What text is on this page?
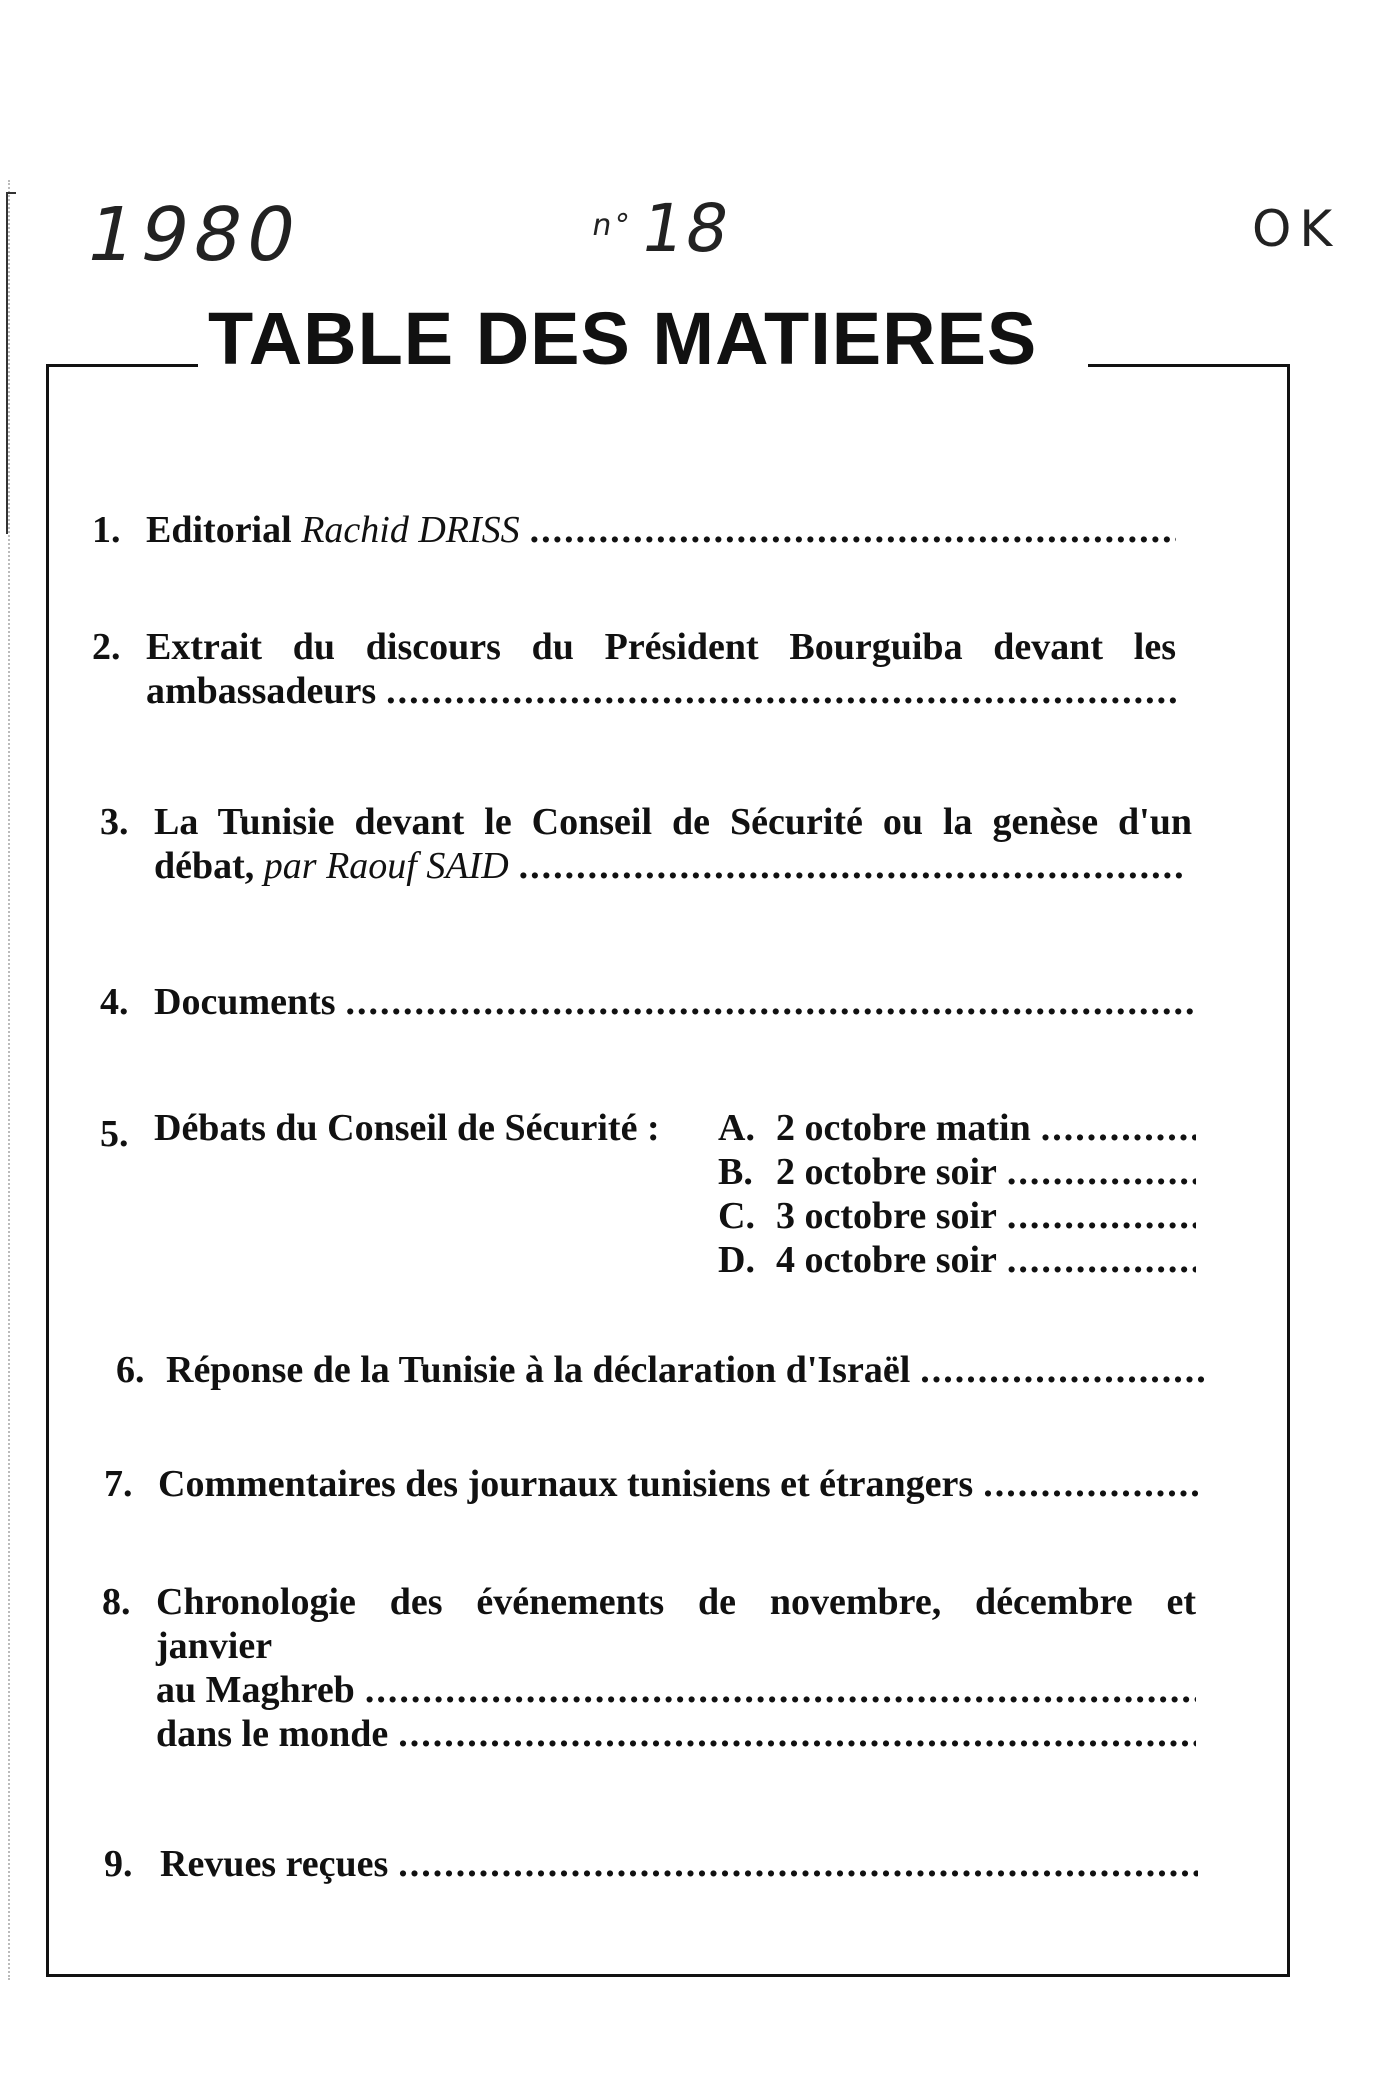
1980	$^{n^\circ}$18	OK
TABLE DES MATIERES
1. Editorial
Rachid DRISS
.....
2. Extrait du discours du Président Bourguiba devant les
ambassadeurs
.....
3. La Tunisie devant le Conseil de Sécurité ou la genèse d'un
débat,
par Raouf SAID
.....
4. Documents
.....
5. Débats du Conseil de Sécurité : A. 2 octobre matin
.....
B. 2 octobre soir
.....
C. 3 octobre soir
.....
D. 4 octobre soir
.....
6. Réponse de la Tunisie à la déclaration d'Israël
.....
7. Commentaires des journaux tunisiens et étrangers
.....
8. Chronologie des événements de novembre, décembre et
janvier
au Maghreb
.....
dans le monde
.....
9. Revues reçues
.....
